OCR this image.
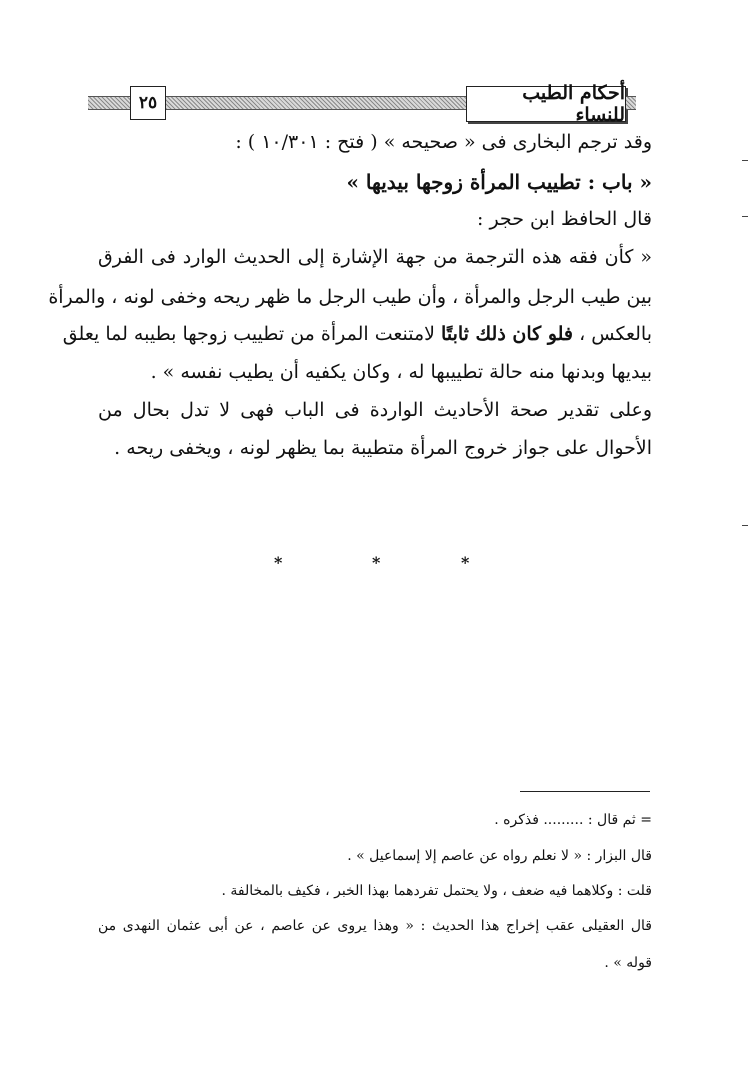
٢٥	أحكام الطيب للنساء
وقد ترجم البخارى فى « صحيحه » ( فتح : ١٠/٣٠١ ) :
« باب : تطييب المرأة زوجها بيديها »
قال الحافظ ابن حجر :
« كأن فقه هذه الترجمة من جهة الإشارة إلى الحديث الوارد فى الفرق
بين طيب الرجل والمرأة ، وأن طيب الرجل ما ظهر ريحه وخفى لونه ، والمرأة
بالعكس ، فلو كان ذلك ثابتًا لامتنعت المرأة من تطييب زوجها بطيبه لما يعلق
بيديها وبدنها منه حالة تطييبها له ، وكان يكفيه أن يطيب نفسه » .
وعلى تقدير صحة الأحاديث الواردة فى الباب فهى لا تدل بحال من
الأحوال على جواز خروج المرأة متطيبة بما يظهر لونه ، ويخفى ريحه .
*	*	*
= ثم قال : ......... فذكره .
قال البزار : « لا نعلم رواه عن عاصم إلا إسماعيل » .
قلت : وكلاهما فيه ضعف ، ولا يحتمل تفردهما بهذا الخبر ، فكيف بالمخالفة .
قال العقيلى عقب إخراج هذا الحديث : « وهذا يروى عن عاصم ، عن أبى عثمان النهدى من
قوله » .
